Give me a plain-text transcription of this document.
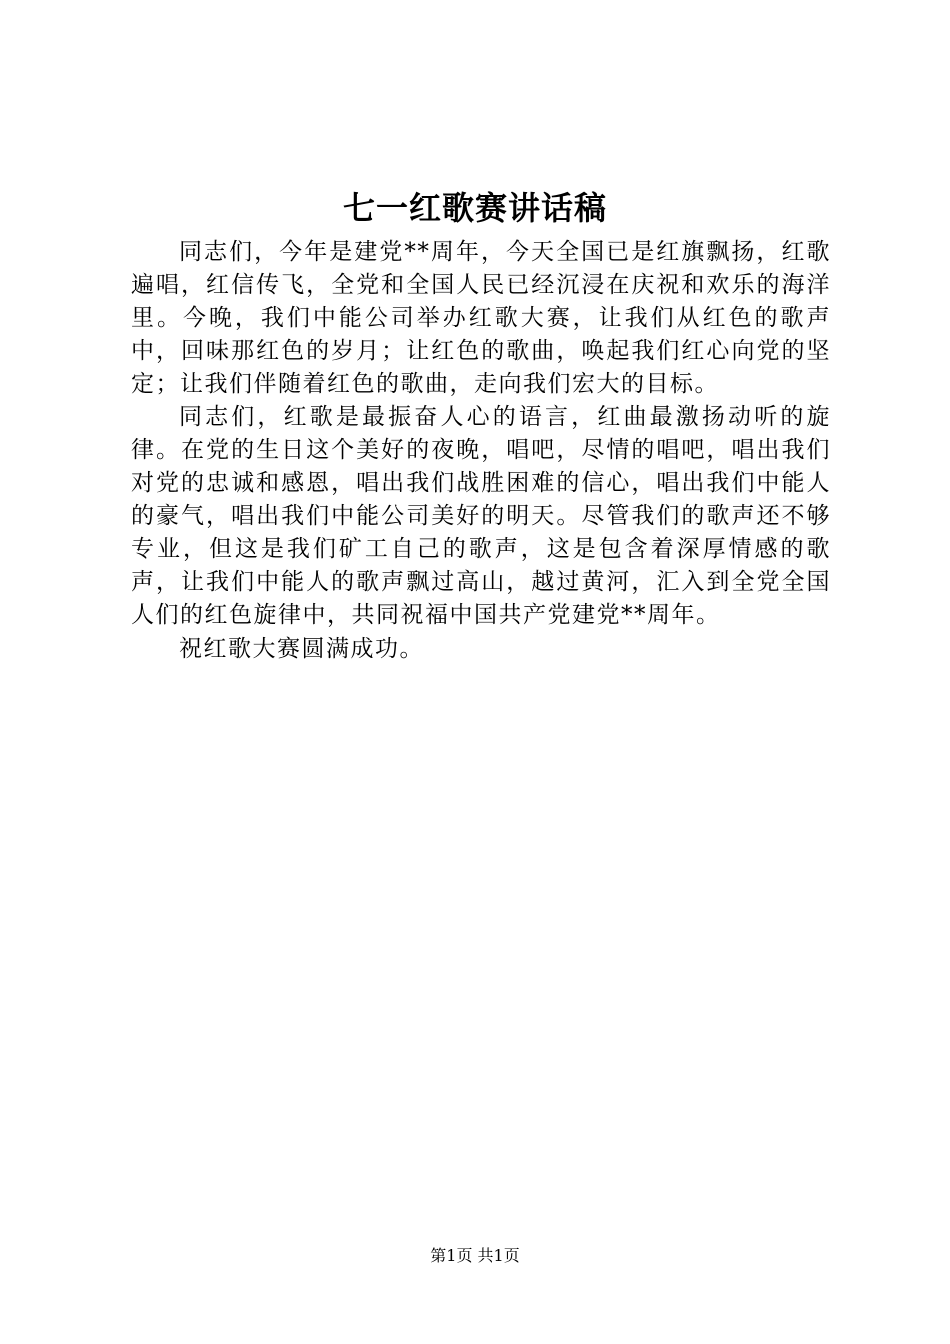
七一红歌赛讲话稿

同志们，今年是建党**周年，今天全国已是红旗飘扬，红歌遍唱，红信传飞，全党和全国人民已经沉浸在庆祝和欢乐的海洋里。今晚，我们中能公司举办红歌大赛，让我们从红色的歌声中，回味那红色的岁月；让红色的歌曲，唤起我们红心向党的坚定；让我们伴随着红色的歌曲，走向我们宏大的目标。

同志们，红歌是最振奋人心的语言，红曲最激扬动听的旋律。在党的生日这个美好的夜晚，唱吧，尽情的唱吧，唱出我们对党的忠诚和感恩，唱出我们战胜困难的信心，唱出我们中能人的豪气，唱出我们中能公司美好的明天。尽管我们的歌声还不够专业，但这是我们矿工自己的歌声，这是包含着深厚情感的歌声，让我们中能人的歌声飘过高山，越过黄河，汇入到全党全国人们的红色旋律中，共同祝福中国共产党建党**周年。

祝红歌大赛圆满成功。

第1页 共1页
